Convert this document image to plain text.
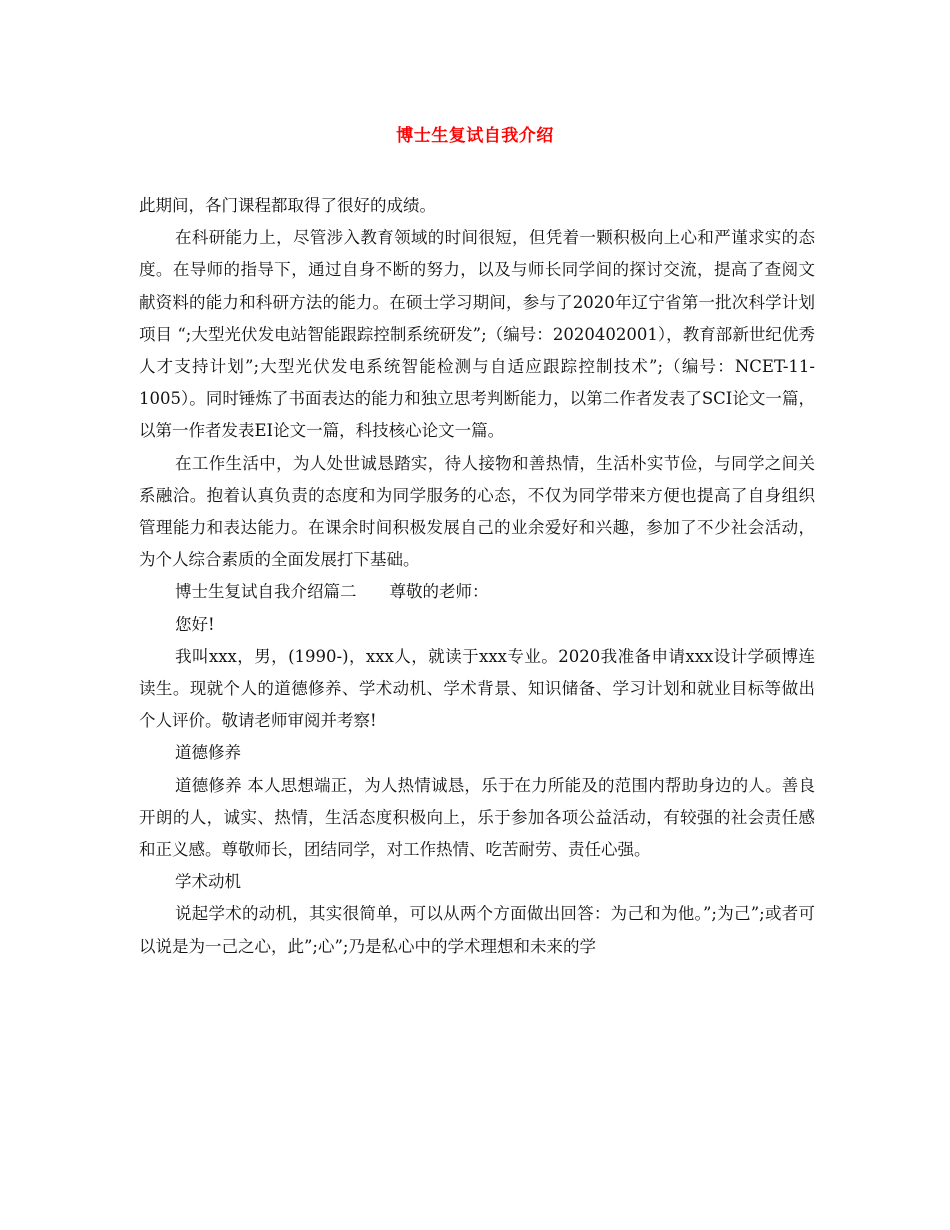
博士生复试自我介绍

此期间，各门课程都取得了很好的成绩。

在科研能力上，尽管涉入教育领域的时间很短，但凭着一颗积极向上心和严谨求实的态度。在导师的指导下，通过自身不断的努力，以及与师长同学间的探讨交流，提高了查阅文献资料的能力和科研方法的能力。在硕士学习期间，参与了2020年辽宁省第一批次科学计划项目 “;大型光伏发电站智能跟踪控制系统研发”;（编号：2020402001），教育部新世纪优秀人才支持计划”;大型光伏发电系统智能检测与自适应跟踪控制技术”;（编号：NCET-11-1005）。同时锤炼了书面表达的能力和独立思考判断能力，以第二作者发表了SCI论文一篇，以第一作者发表EI论文一篇，科技核心论文一篇。

在工作生活中，为人处世诚恳踏实，待人接物和善热情，生活朴实节俭，与同学之间关系融洽。抱着认真负责的态度和为同学服务的心态，不仅为同学带来方便也提高了自身组织管理能力和表达能力。在课余时间积极发展自己的业余爱好和兴趣，参加了不少社会活动，为个人综合素质的全面发展打下基础。

博士生复试自我介绍篇二　　尊敬的老师：

您好!

我叫xxx，男，(1990-)，xxx人，就读于xxx专业。2020我准备申请xxx设计学硕博连读生。现就个人的道德修养、学术动机、学术背景、知识储备、学习计划和就业目标等做出个人评价。敬请老师审阅并考察!

道德修养

道德修养 本人思想端正，为人热情诚恳，乐于在力所能及的范围内帮助身边的人。善良开朗的人，诚实、热情，生活态度积极向上，乐于参加各项公益活动，有较强的社会责任感和正义感。尊敬师长，团结同学，对工作热情、吃苦耐劳、责任心强。

学术动机

说起学术的动机，其实很简单，可以从两个方面做出回答：为己和为他。”;为己”;或者可以说是为一己之心，此”;心”;乃是私心中的学术理想和未来的学
